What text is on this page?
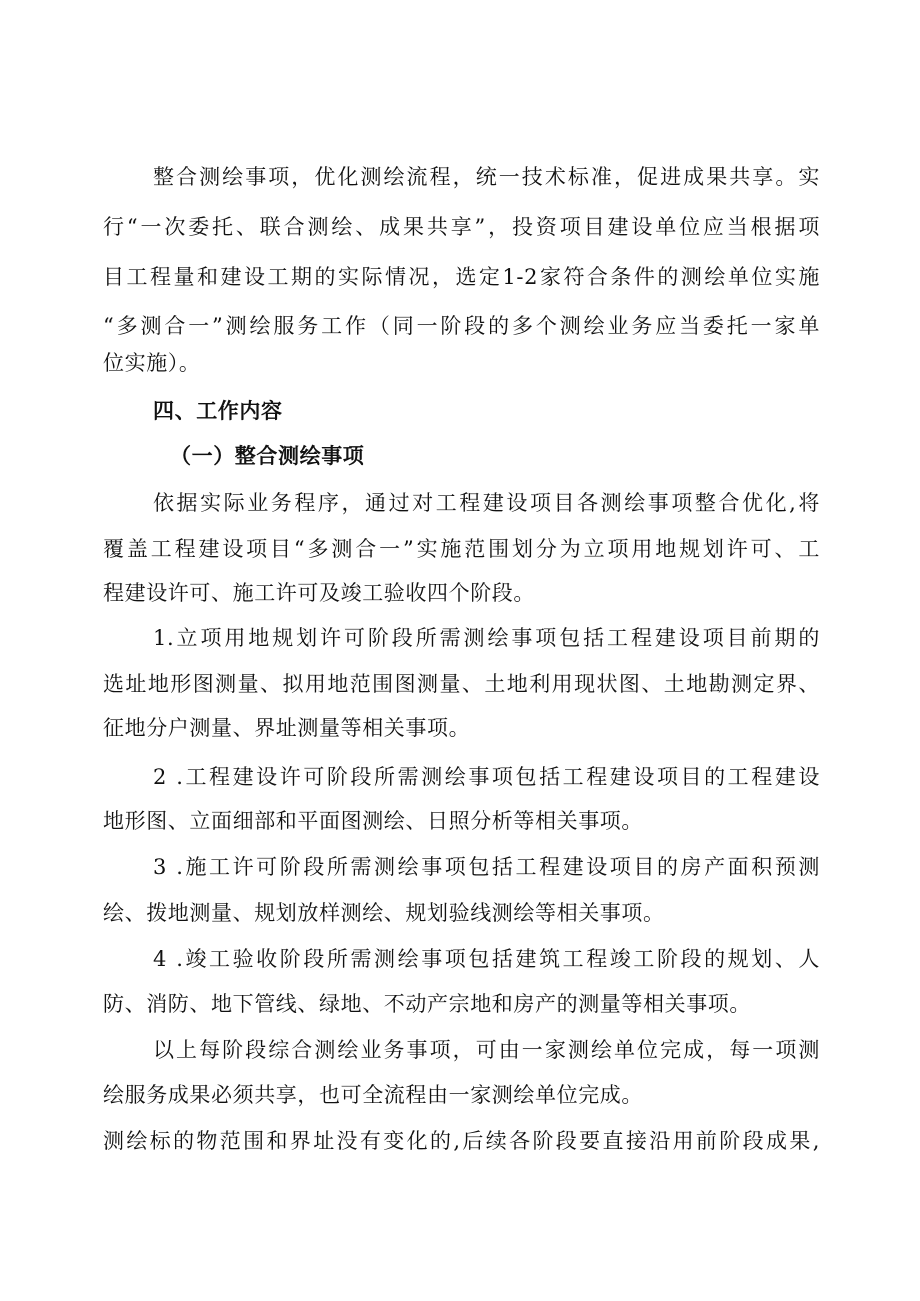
整合测绘事项，优化测绘流程，统一技术标准，促进成果共享。实
行“一次委托、联合测绘、成果共享”，投资项目建设单位应当根据项
目工程量和建设工期的实际情况，选定1-2家符合条件的测绘单位实施
“多测合一”测绘服务工作（同一阶段的多个测绘业务应当委托一家单
位实施）。
四、工作内容
（一）整合测绘事项
依据实际业务程序，通过对工程建设项目各测绘事项整合优化,将
覆盖工程建设项目“多测合一”实施范围划分为立项用地规划许可、工
程建设许可、施工许可及竣工验收四个阶段。
1.立项用地规划许可阶段所需测绘事项包括工程建设项目前期的
选址地形图测量、拟用地范围图测量、土地利用现状图、土地勘测定界、
征地分户测量、界址测量等相关事项。
2 .工程建设许可阶段所需测绘事项包括工程建设项目的工程建设
地形图、立面细部和平面图测绘、日照分析等相关事项。
3 .施工许可阶段所需测绘事项包括工程建设项目的房产面积预测
绘、拨地测量、规划放样测绘、规划验线测绘等相关事项。
4 .竣工验收阶段所需测绘事项包括建筑工程竣工阶段的规划、人
防、消防、地下管线、绿地、不动产宗地和房产的测量等相关事项。
以上每阶段综合测绘业务事项，可由一家测绘单位完成，每一项测
绘服务成果必须共享，也可全流程由一家测绘单位完成。
测绘标的物范围和界址没有变化的,后续各阶段要直接沿用前阶段成果,
